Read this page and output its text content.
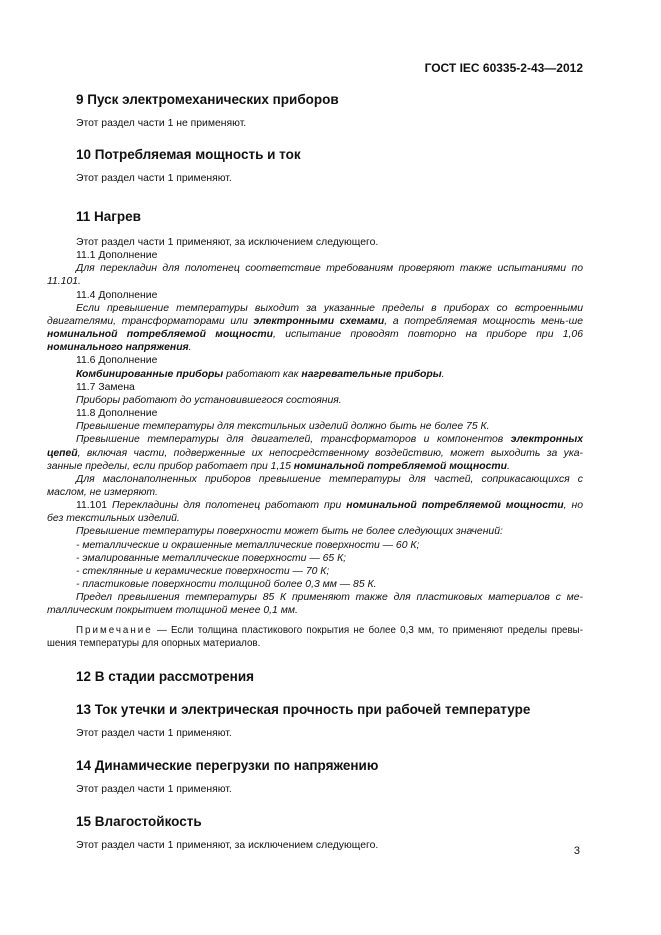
ГОСТ IEC 60335-2-43—2012
9 Пуск электромеханических приборов

Этот раздел части 1 не применяют.

10 Потребляемая мощность и ток

Этот раздел части 1 применяют.

11 Нагрев

Этот раздел части 1 применяют, за исключением следующего.

11.1 Дополнение

Для перекладин для полотенец соответствие требованиям проверяют также испытаниями по 11.101.

11.4 Дополнение

Если превышение температуры выходит за указанные пределы в приборах со встроенными двигателями, трансформаторами или электронными схемами, а потребляемая мощность мень-ше номинальной потребляемой мощности, испытание проводят повторно на приборе при 1,06 номинального напряжения.

11.6 Дополнение

Комбинированные приборы работают как нагревательные приборы.

11.7 Замена

Приборы работают до установившегося состояния.

11.8 Дополнение

Превышение температуры для текстильных изделий должно быть не более 75 К.

Превышение температуры для двигателей, трансформаторов и компонентов электронных цепей, включая части, подверженные их непосредственному воздействию, может выходить за ука-занные пределы, если прибор работает при 1,15 номинальной потребляемой мощности.

Для маслонаполненных приборов превышение температуры для частей, соприкасающихся с маслом, не измеряют.

11.101 Перекладины для полотенец работают при номинальной потребляемой мощности, но без текстильных изделий.

Превышение температуры поверхности может быть не более следующих значений:

- металлические и окрашенные металлические поверхности — 60 К;

- эмалированные металлические поверхности — 65 К;

- стеклянные и керамические поверхности — 70 К;

- пластиковые поверхности толщиной более 0,3 мм — 85 К.

Предел превышения температуры 85 К применяют также для пластиковых материалов с ме-таллическим покрытием толщиной менее 0,1 мм.

Примечание — Если толщина пластикового покрытия не более 0,3 мм, то применяют пределы превы-шения температуры для опорных материалов.

12 В стадии рассмотрения
13 Ток утечки и электрическая прочность при рабочей температуре

Этот раздел части 1 применяют.

14 Динамические перегрузки по напряжению

Этот раздел части 1 применяют.

15 Влагостойкость

Этот раздел части 1 применяют, за исключением следующего.	3
